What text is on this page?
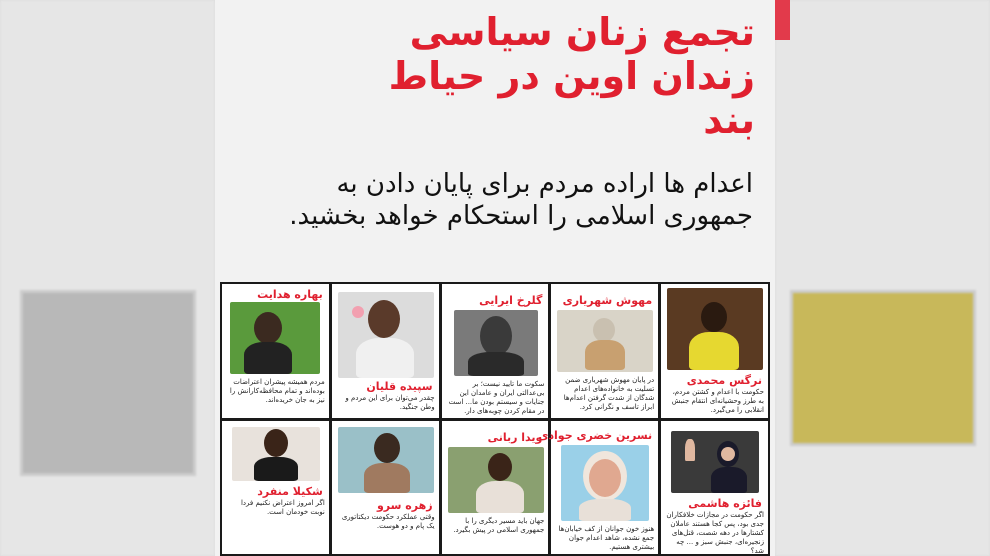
تجمع زنان سیاسی زندان اوین در حیاط بند
اعدام ها اراده مردم برای پایان دادن به جمهوری اسلامی را استحکام خواهد بخشید.
بهاره هدایت
مردم همیشه پیشران اعتراضات بوده‌اند و تمام محافظه‌کارانش را نیز به جان خریده‌اند.
سپیده قلیان
چقدر می‌توان برای این مردم و وطن جنگید.
گلرخ ایرایی
سکوت ما تایید نیست؛ بر بی‌عدالتی ایران و عامدان این جنایات و سیستم بودن ما... است در مقام کردن چوبه‌های دار.
مهوش شهریاری
در پایان مهوش شهریاری ضمن تسلیت به خانواده‌های اعدام شدگان از شدت گرفتن اعدام‌ها ابراز تاسف و نگرانی کرد.
نرگس محمدی
حکومت با اعدام و کشتن مردم، به طرز وحشیانه‌ای انتقام جنبش انقلابی را می‌گیرد.
شکیلا منفرد
اگر امروز اعتراض نکنیم فردا نوبت خودمان است.	زهره سرو
وقتی عملکرد حکومت دیکتاتوری یک پام و دو هوست.
ویدا ربانی
جهان باید مسیر دیگری را با جمهوری اسلامی در پیش بگیرد.
نسرین خضری جوادی
هنوز خون جوانان از کف خیابان‌ها جمع نشده، شاهد اعدام جوان بیشتری هستیم.
فائزه هاشمی
اگر حکومت در مجازات خلافکاران جدی بود، پس کجا هستند عاملان کشتارها در دهه شصت، قتل‌های زنجیره‌ای، جنبش سبز و ... چه شد؟
